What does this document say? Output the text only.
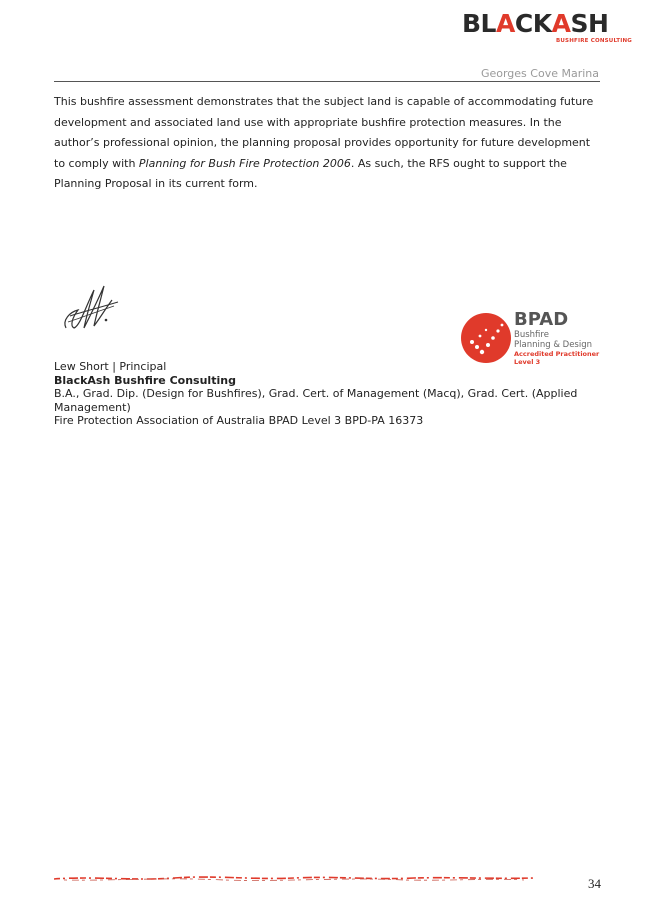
BLACKASH
BUSHFIRE CONSULTING
Georges Cove Marina
This bushfire assessment demonstrates that the subject land is capable of accommodating future development and associated land use with appropriate bushfire protection measures. In the author’s professional opinion, the planning proposal provides opportunity for future development to comply with Planning for Bush Fire Protection 2006. As such, the RFS ought to support the Planning Proposal in its current form.
BPAD
Bushfire
Planning & Design
Accredited Practitioner
Level 3
Lew Short | Principal
BlackAsh Bushfire Consulting
B.A., Grad. Dip. (Design for Bushfires), Grad. Cert. of Management (Macq), Grad. Cert. (Applied Management)
Fire Protection Association of Australia BPAD Level 3 BPD-PA 16373
34
